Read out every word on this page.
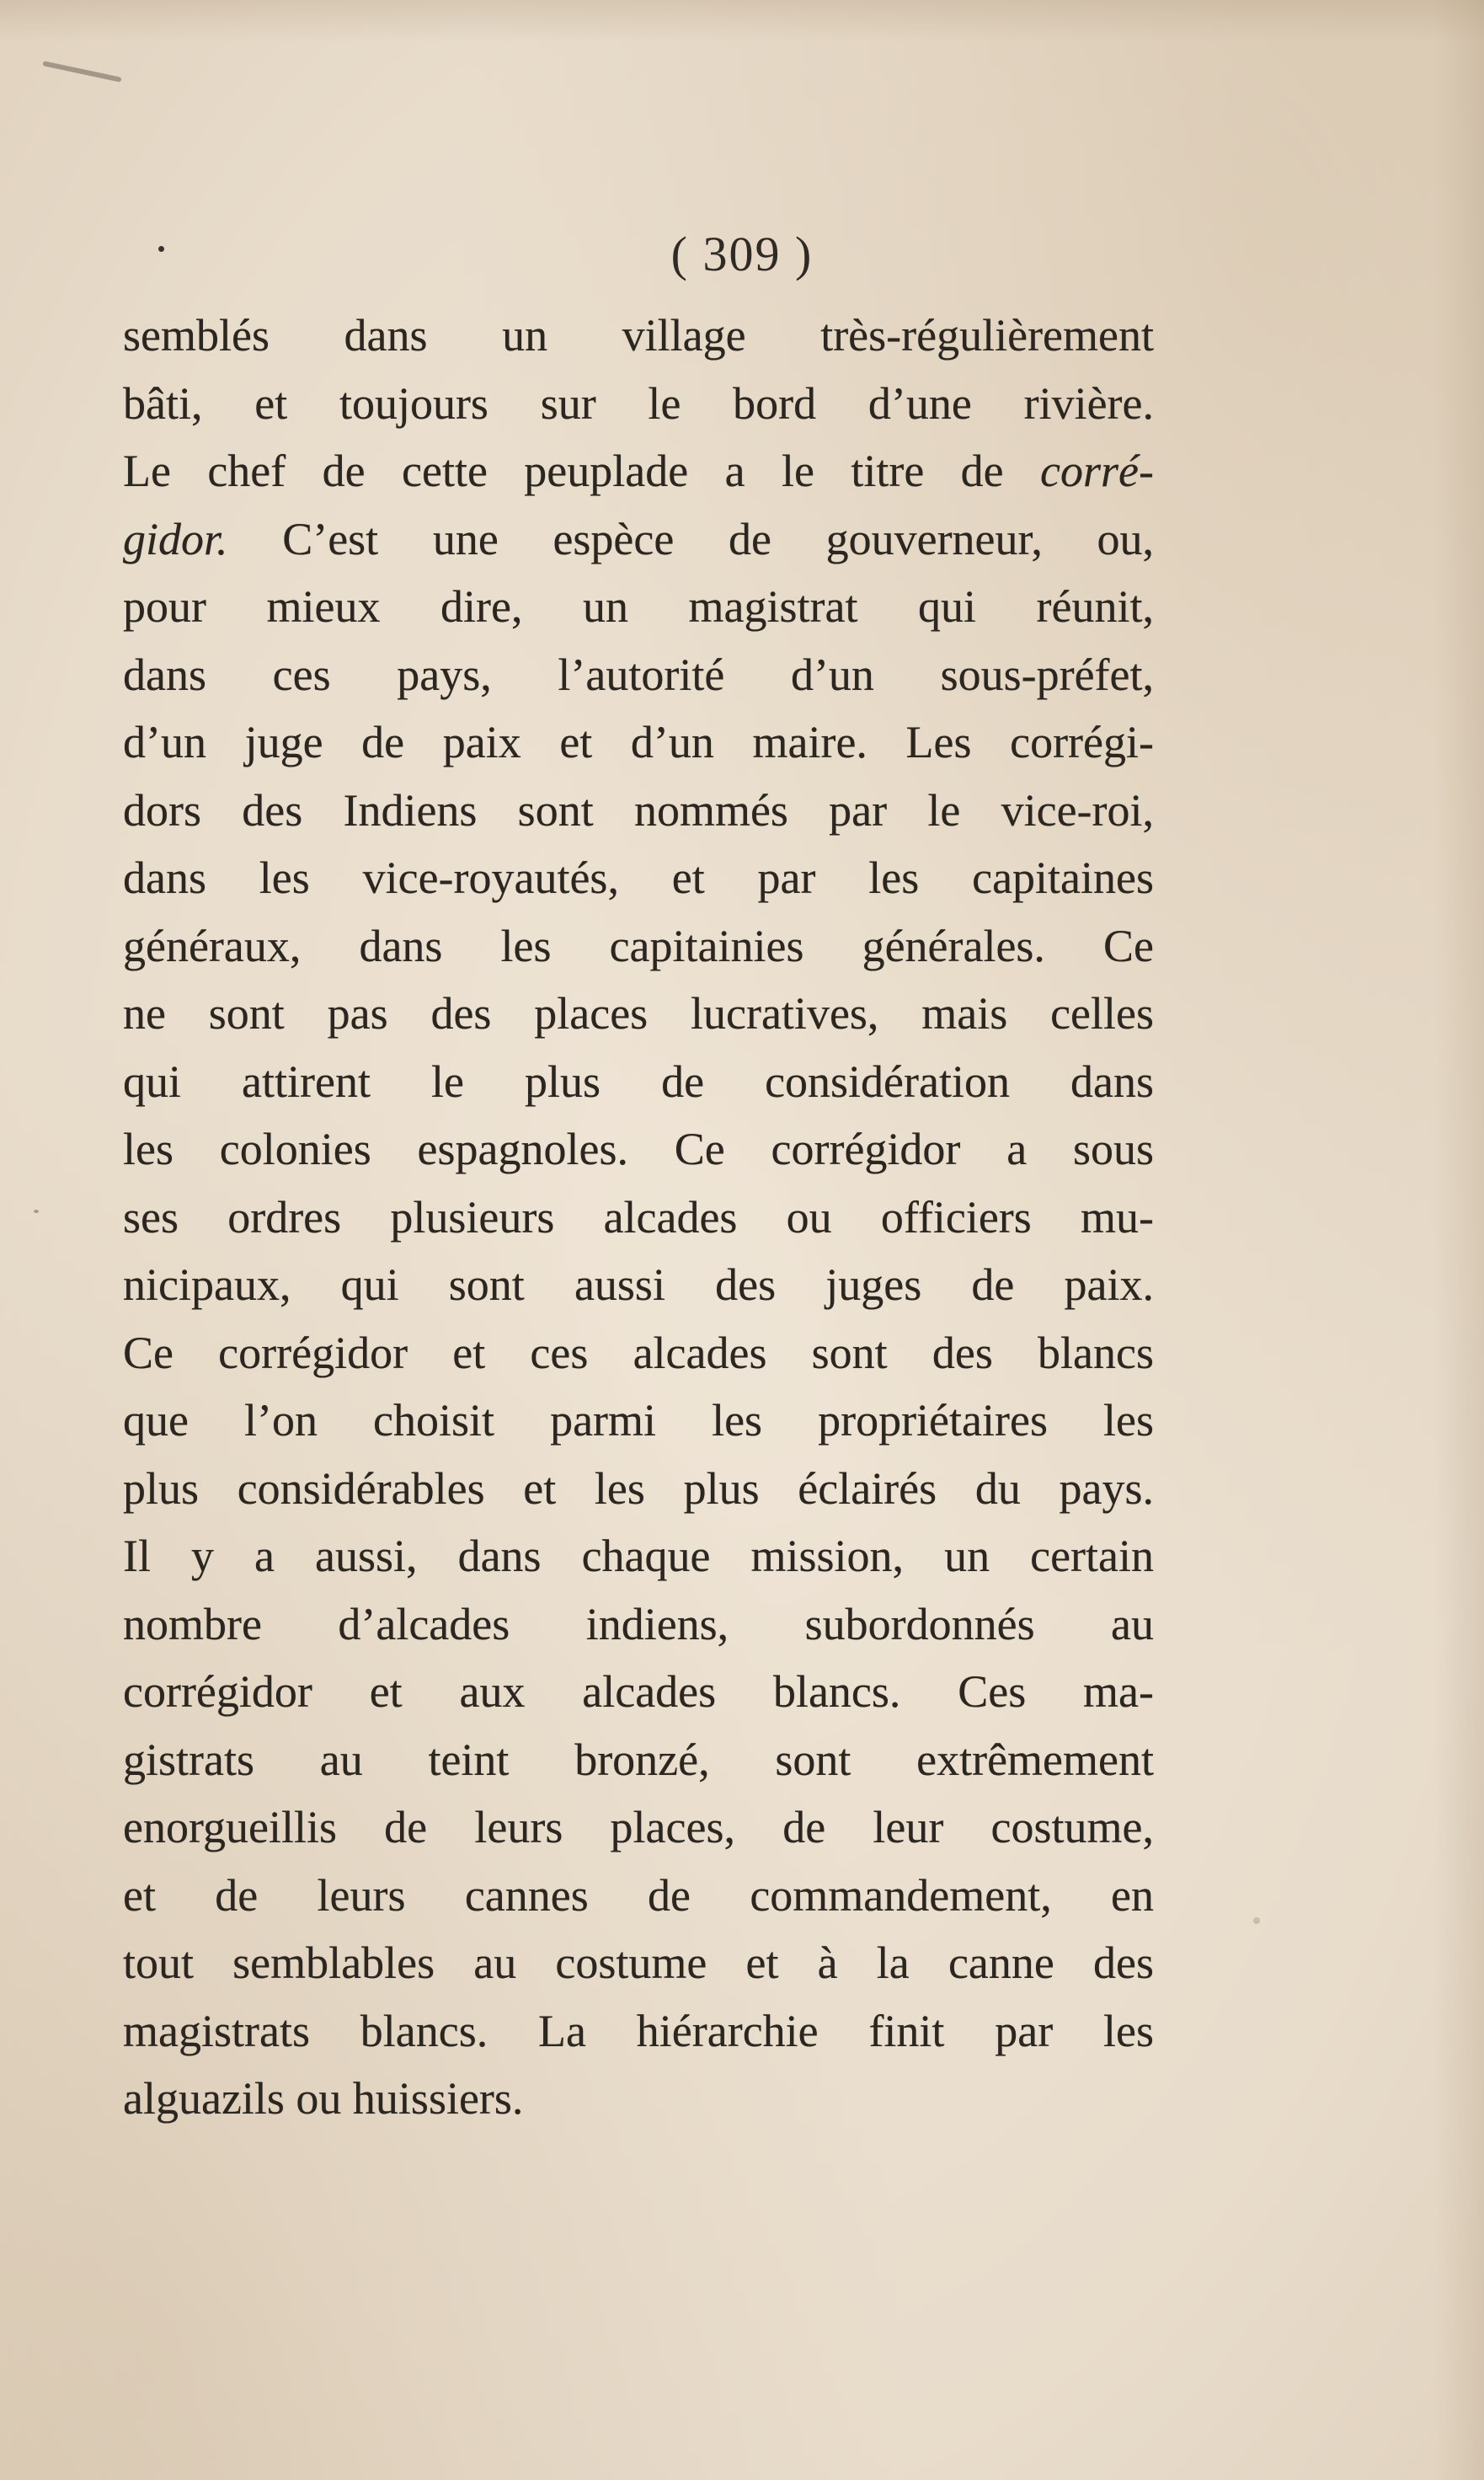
( 309 )
semblés dans un village très-régulièrement
bâti, et toujours sur le bord d’une rivière.
Le chef de cette peuplade a le titre de corré-
gidor. C’est une espèce de gouverneur, ou,
pour mieux dire, un magistrat qui réunit,
dans ces pays, l’autorité d’un sous-préfet,
d’un juge de paix et d’un maire. Les corrégi-
dors des Indiens sont nommés par le vice-roi,
dans les vice-royautés, et par les capitaines
généraux, dans les capitainies générales. Ce
ne sont pas des places lucratives, mais celles
qui attirent le plus de considération dans
les colonies espagnoles. Ce corrégidor a sous
ses ordres plusieurs alcades ou officiers mu-
nicipaux, qui sont aussi des juges de paix.
Ce corrégidor et ces alcades sont des blancs
que l’on choisit parmi les propriétaires les
plus considérables et les plus éclairés du pays.
Il y a aussi, dans chaque mission, un certain
nombre d’alcades indiens, subordonnés au
corrégidor et aux alcades blancs. Ces ma-
gistrats au teint bronzé, sont extrêmement
enorgueillis de leurs places, de leur costume,
et de leurs cannes de commandement, en
tout semblables au costume et à la canne des
magistrats blancs. La hiérarchie finit par les
alguazils ou huissiers.
